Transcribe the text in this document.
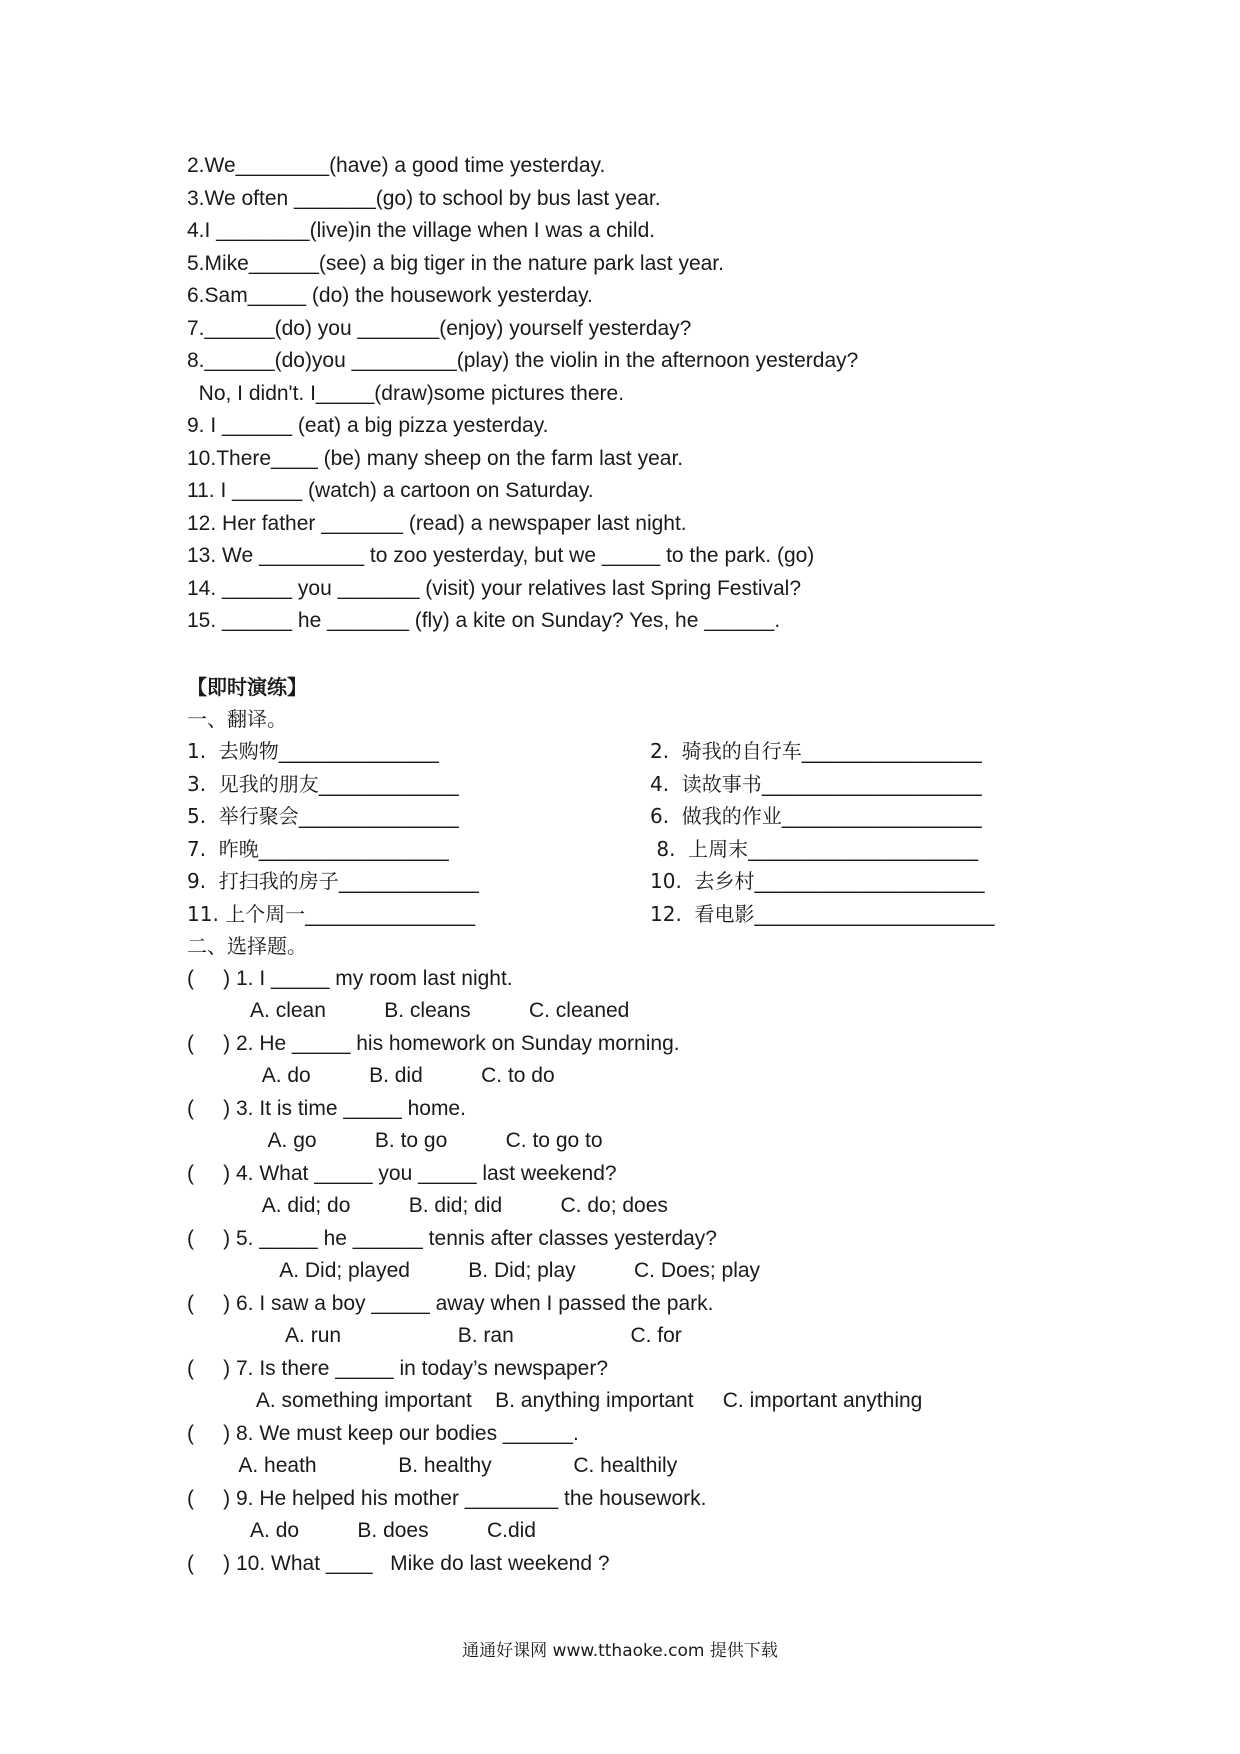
2.We________(have) a good time yesterday.
3.We often _______(go) to school by bus last year.
4.I ________(live)in the village when I was a child.
5.Mike______(see) a big tiger in the nature park last year.
6.Sam_____ (do) the housework yesterday.
7.______(do) you _______(enjoy) yourself yesterday?
8.______(do)you _________(play) the violin in the afternoon yesterday?
No, I didn't. I_____(draw)some pictures there.
9. I ______ (eat) a big pizza yesterday.
10.There____ (be) many sheep on the farm last year.
11. I ______ (watch) a cartoon on Saturday.
12. Her father _______ (read) a newspaper last night.
13. We _________ to zoo yesterday, but we _____ to the park. (go)
14. ______ you _______ (visit) your relatives last Spring Festival?
15. ______ he _______ (fly) a kite on Sunday? Yes, he ______.
【即时演练】
一、翻译。
1.  去购物________________
3.  见我的朋友______________
5.  举行聚会________________
7.  昨晚___________________
9.  打扫我的房子______________
11. 上个周一_________________
2.  骑我的自行车__________________
4.  读故事书______________________
6.  做我的作业____________________
8.  上周末_______________________
10.  去乡村_______________________
12.  看电影________________________
二、选择题。
(     ) 1. I _____ my room last night.
A. clean          B. cleans          C. cleaned
(     ) 2. He _____ his homework on Sunday morning.
A. do          B. did          C. to do
(     ) 3. It is time _____ home.
A. go          B. to go          C. to go to
(     ) 4. What _____ you _____ last weekend?
A. did; do          B. did; did          C. do; does
(     ) 5. _____ he ______ tennis after classes yesterday?
A. Did; played          B. Did; play          C. Does; play
(     ) 6. I saw a boy _____ away when I passed the park.
A. run                    B. ran                    C. for
(     ) 7. Is there _____ in today’s newspaper?
A. something important    B. anything important     C. important anything
(     ) 8. We must keep our bodies ______.
A. heath              B. healthy              C. healthily
(     ) 9. He helped his mother ________ the housework.
A. do          B. does          C.did
(     ) 10. What ____   Mike do last weekend ?
通通好课网 www.tthaoke.com 提供下载
